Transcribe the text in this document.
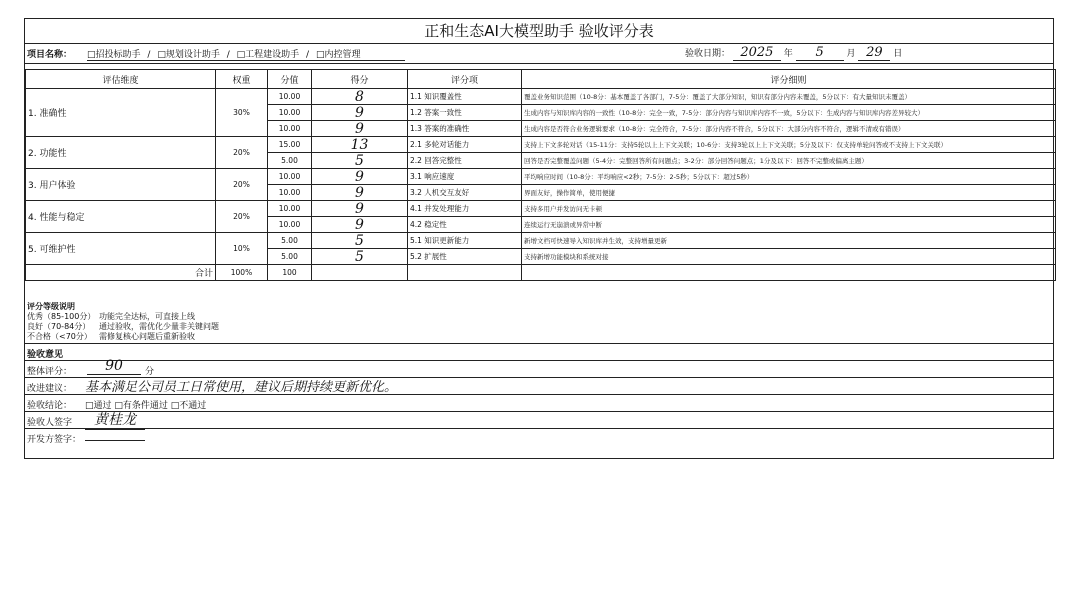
正和生态AI大模型助手 验收评分表
项目名称： □招投标助手 / □规划设计助手 / □工程建设助手 / □内控管理	验收日期： 2025 年 5	月 29 日
评估维度	权重	分值	得分	评分项	评分细则
1. 准确性	30%	10.00	8	1.1 知识覆盖性	覆盖业务知识范围（10-8分：基本覆盖了各部门，7-5分：覆盖了大部分知识，知识有部分内容未覆盖，5分以下：有大量知识未覆盖）
		10.00	9	1.2 答案一致性	生成内容与知识库内容的一致性（10-8分：完全一致，7-5分：部分内容与知识库内容不一致，5分以下：生成内容与知识库内容差异较大）
		10.00	9	1.3 答案的准确性	生成内容是否符合业务逻辑要求（10-8分：完全符合，7-5分：部分内容不符合，5分以下：大部分内容不符合，逻辑不清或有错误）
2. 功能性	20%	15.00	13	2.1 多轮对话能力	支持上下文多轮对话（15-11分：支持5轮以上上下文关联；10-6分：支持3轮以上上下文关联；5分及以下：仅支持单轮问答或不支持上下文关联）
		5.00	5	2.2 回答完整性	回答是否完整覆盖问题（5-4分：完整回答所有问题点；3-2分：部分回答问题点；1分及以下：回答不完整或偏离主题）
3. 用户体验	20%	10.00	9	3.1 响应速度	平均响应时间（10-8分：平均响应<2秒；7-5分：2-5秒；5分以下：超过5秒）
		10.00	9	3.2 人机交互友好	界面友好，操作简单，使用便捷
4. 性能与稳定	20%	10.00	9	4.1 并发处理能力	支持多用户并发访问无卡顿
		10.00	9	4.2 稳定性	连续运行无崩溃或异常中断
5. 可维护性	10%	5.00	5	5.1 知识更新能力	新增文档可快速导入知识库并生效，支持增量更新
		5.00	5	5.2 扩展性	支持新增功能模块和系统对接
合计	100%	100			
评分等级说明
优秀（85-100分） 功能完全达标，可直接上线
良好（70-84分） 通过验收，需优化少量非关键问题
不合格（<70分） 需修复核心问题后重新验收
验收意见
整体评分：	90	分
改进建议： 基本满足公司员工日常使用，建议后期持续更新优化。
验收结论： □通过 □有条件通过 □不通过
验收人签字	黄桂龙
开发方签字：
